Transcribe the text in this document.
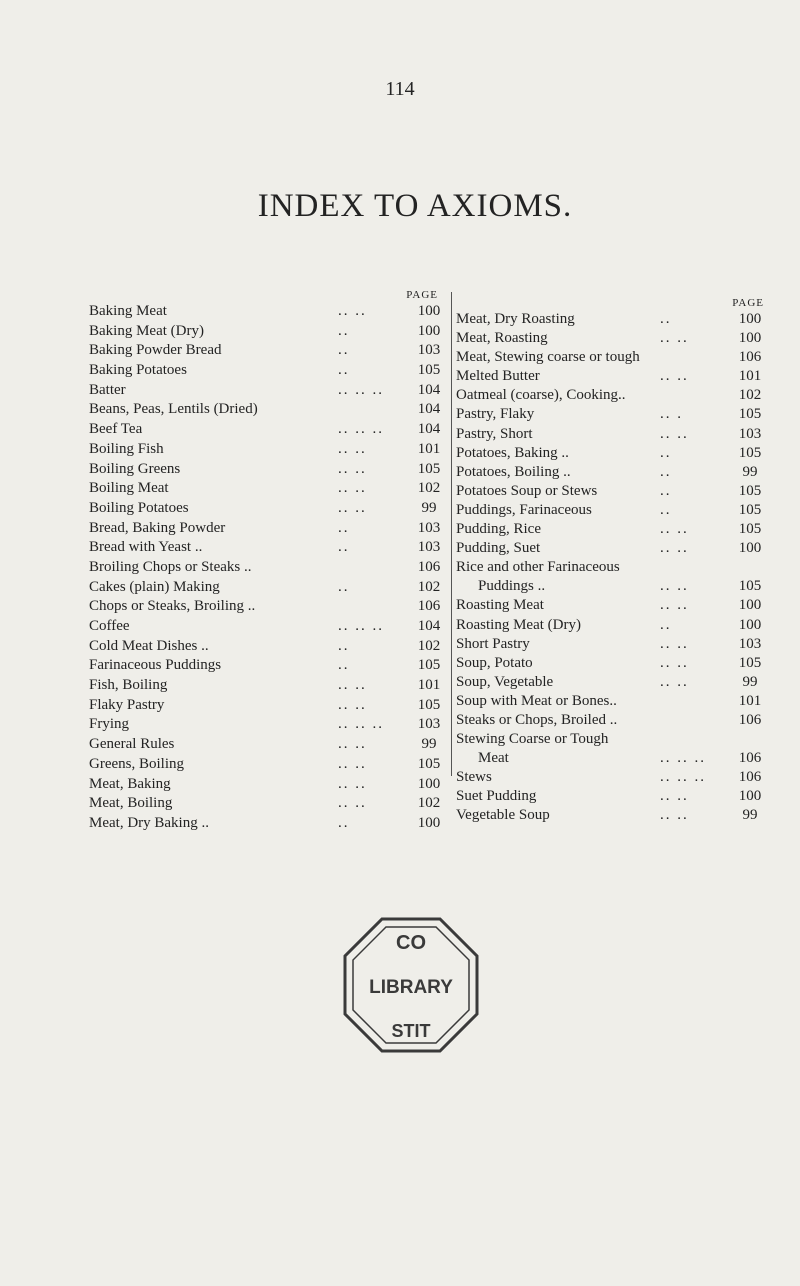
114
INDEX TO AXIOMS.
PAGE
Baking Meat	.. ..	100
Baking Meat (Dry)	..	100
Baking Powder Bread	..	103
Baking Potatoes	..	105
Batter	.. .. ..	104
Beans, Peas, Lentils (Dried)	104
Beef Tea	.. .. ..	104
Boiling Fish	.. ..	101
Boiling Greens	.. ..	105
Boiling Meat	.. ..	102
Boiling Potatoes	.. ..	99
Bread, Baking Powder	..	103
Bread with Yeast ..	..	103
Broiling Chops or Steaks ..	106
Cakes (plain) Making	..	102
Chops or Steaks, Broiling ..	106
Coffee	.. .. ..	104
Cold Meat Dishes ..	..	102
Farinaceous Puddings	..	105
Fish, Boiling	.. ..	101
Flaky Pastry	.. ..	105
Frying	.. .. ..	103
General Rules	.. ..	99
Greens, Boiling	.. ..	105
Meat, Baking	.. ..	100
Meat, Boiling	.. ..	102
Meat, Dry Baking ..	..	100
PAGE
Meat, Dry Roasting	..	100
Meat, Roasting	.. ..	100
Meat, Stewing coarse or tough	106
Melted Butter	.. ..	101
Oatmeal (coarse), Cooking..	102
Pastry, Flaky	.. .	105
Pastry, Short	.. ..	103
Potatoes, Baking ..	..	105
Potatoes, Boiling ..	..	99
Potatoes Soup or Stews	..	105
Puddings, Farinaceous	..	105
Pudding, Rice	.. ..	105
Pudding, Suet	.. ..	100
Rice and other Farinaceous
Puddings ..	.. ..	105
Roasting Meat	.. ..	100
Roasting Meat (Dry)	..	100
Short Pastry	.. ..	103
Soup, Potato	.. ..	105
Soup, Vegetable	.. ..	99
Soup with Meat or Bones..	101
Steaks or Chops, Broiled ..	106
Stewing Coarse or Tough
Meat	.. .. ..	106
Stews	.. .. ..	106
Suet Pudding	.. ..	100
Vegetable Soup	.. ..	99
CO
LIBRARY
STIT
